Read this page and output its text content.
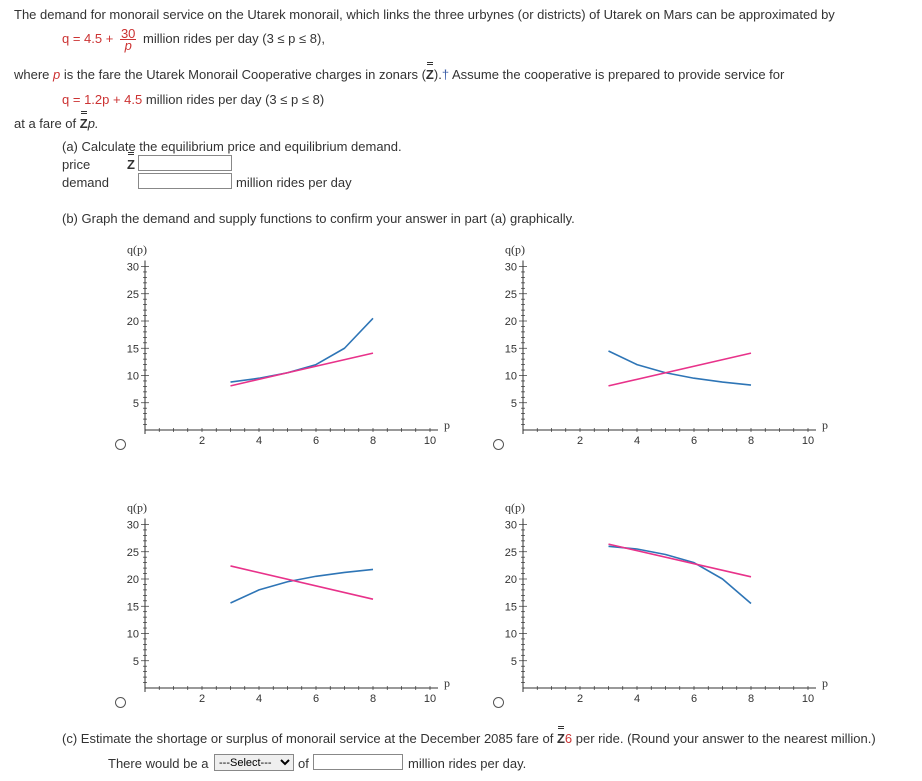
The demand for monorail service on the Utarek monorail, which links the three urbynes (or districts) of Utarek on Mars can be approximated by
$q = 4.5 + \frac{30}{p}$ million rides per day (3 ≤ p ≤ 8),
where p is the fare the Utarek Monorail Cooperative charges in zonars (Z).† Assume the cooperative is prepared to provide service for
q = 1.2p + 4.5 million rides per day (3 ≤ p ≤ 8)
at a fare of Zp.
(a) Calculate the equilibrium price and equilibrium demand.
price	Z
demand	million rides per day
(b) Graph the demand and supply functions to confirm your answer in part (a) graphically.
2	4	6	8	10
30
25
20
15
10
5
q(p)
p
2	4	6	8	10
30
25
20
15
10
5
q(p)
p
2	4	6	8	10
30
25
20
15
10
5
q(p)
p
2	4	6	8	10
30
25
20
15
10
5
q(p)
p
(c) Estimate the shortage or surplus of monorail service at the December 2085 fare of Z6 per ride. (Round your answer to the nearest million.)
There would be a
---Select---	of	million rides per day.
